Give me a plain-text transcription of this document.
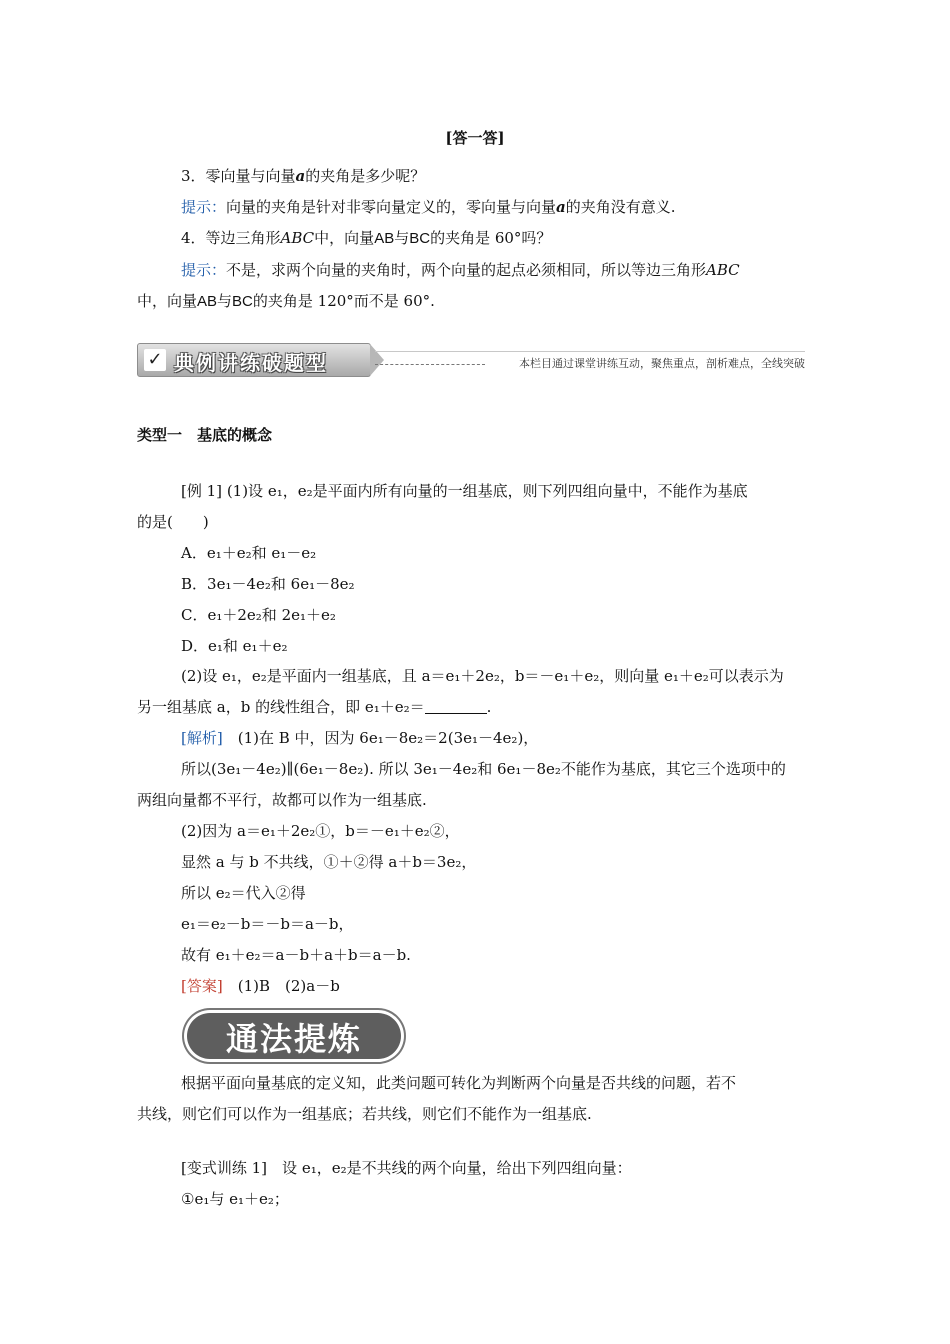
[答一答]
3．零向量与向量a的夹角是多少呢？
提示：向量的夹角是针对非零向量定义的，零向量与向量a的夹角没有意义.
4．等边三角形ABC中，向量AB与BC的夹角是 60°吗？
提示：不是，求两个向量的夹角时，两个向量的起点必须相同，所以等边三角形ABC
中，向量AB与BC的夹角是 120°而不是 60°.
✓ 典例讲练破题型	本栏目通过课堂讲练互动，聚焦重点，剖析难点，全线突破
类型一　基底的概念
[例 1] (1)设 e₁，e₂是平面内所有向量的一组基底，则下列四组向量中，不能作为基底
的是(　　)
A．e₁＋e₂和 e₁－e₂
B．3e₁－4e₂和 6e₁－8e₂
C．e₁＋2e₂和 2e₁＋e₂
D．e₁和 e₁＋e₂
(2)设 e₁，e₂是平面内一组基底，且 a＝e₁＋2e₂，b＝－e₁＋e₂，则向量 e₁＋e₂可以表示为
另一组基底 a，b 的线性组合，即 e₁＋e₂＝	.
[解析]　 (1)在 B 中，因为 6e₁－8e₂＝2(3e₁－4e₂)，
所以(3e₁－4e₂)∥(6e₁－8e₂). 所以 3e₁－4e₂和 6e₁－8e₂不能作为基底，其它三个选项中的
两组向量都不平行，故都可以作为一组基底.
(2)因为 a＝e₁＋2e₂①，b＝－e₁＋e₂②，
显然 a 与 b 不共线，①＋②得 a＋b＝3e₂，
所以 e₂＝代入②得
e₁＝e₂－b＝－b＝a－b，
故有 e₁＋e₂＝a－b＋a＋b＝a－b.
[答案]　 (1)B　(2)a－b
通法提炼
根据平面向量基底的定义知，此类问题可转化为判断两个向量是否共线的问题，若不
共线，则它们可以作为一组基底；若共线，则它们不能作为一组基底.
[变式训练 1]　 设 e₁，e₂是不共线的两个向量，给出下列四组向量：
①e₁与 e₁＋e₂；
